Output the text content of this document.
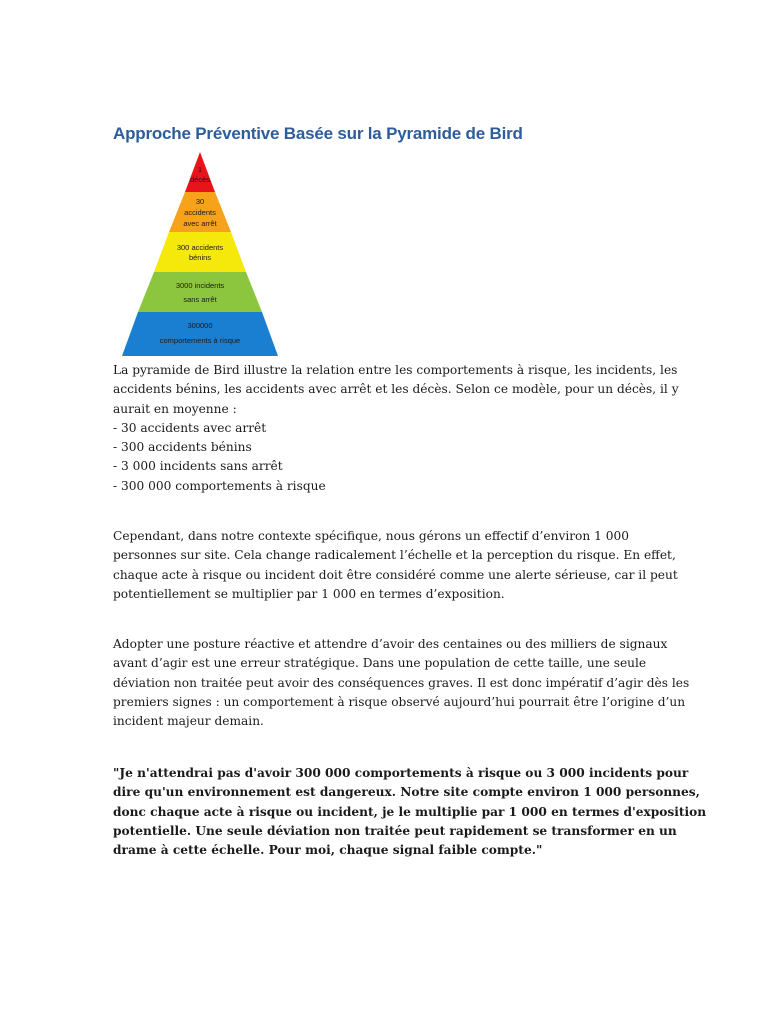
Approche Préventive Basée sur la Pyramide de Bird
1
décès
30
accidents
avec arrêt
300 accidents
bénins
3000 incidents
sans arrêt
300000
comportements à risque

La pyramide de Bird illustre la relation entre les comportements à risque, les incidents, les
accidents bénins, les accidents avec arrêt et les décès. Selon ce modèle, pour un décès, il y
aurait en moyenne :
- 30 accidents avec arrêt
- 300 accidents bénins
- 3 000 incidents sans arrêt
- 300 000 comportements à risque

Cependant, dans notre contexte spécifique, nous gérons un effectif d’environ 1 000
personnes sur site. Cela change radicalement l’échelle et la perception du risque. En effet,
chaque acte à risque ou incident doit être considéré comme une alerte sérieuse, car il peut
potentiellement se multiplier par 1 000 en termes d’exposition.

Adopter une posture réactive et attendre d’avoir des centaines ou des milliers de signaux
avant d’agir est une erreur stratégique. Dans une population de cette taille, une seule
déviation non traitée peut avoir des conséquences graves. Il est donc impératif d’agir dès les
premiers signes : un comportement à risque observé aujourd’hui pourrait être l’origine d’un
incident majeur demain.

"Je n'attendrai pas d'avoir 300 000 comportements à risque ou 3 000 incidents pour
dire qu'un environnement est dangereux. Notre site compte environ 1 000 personnes,
donc chaque acte à risque ou incident, je le multiplie par 1 000 en termes d'exposition
potentielle. Une seule déviation non traitée peut rapidement se transformer en un
drame à cette échelle. Pour moi, chaque signal faible compte."
